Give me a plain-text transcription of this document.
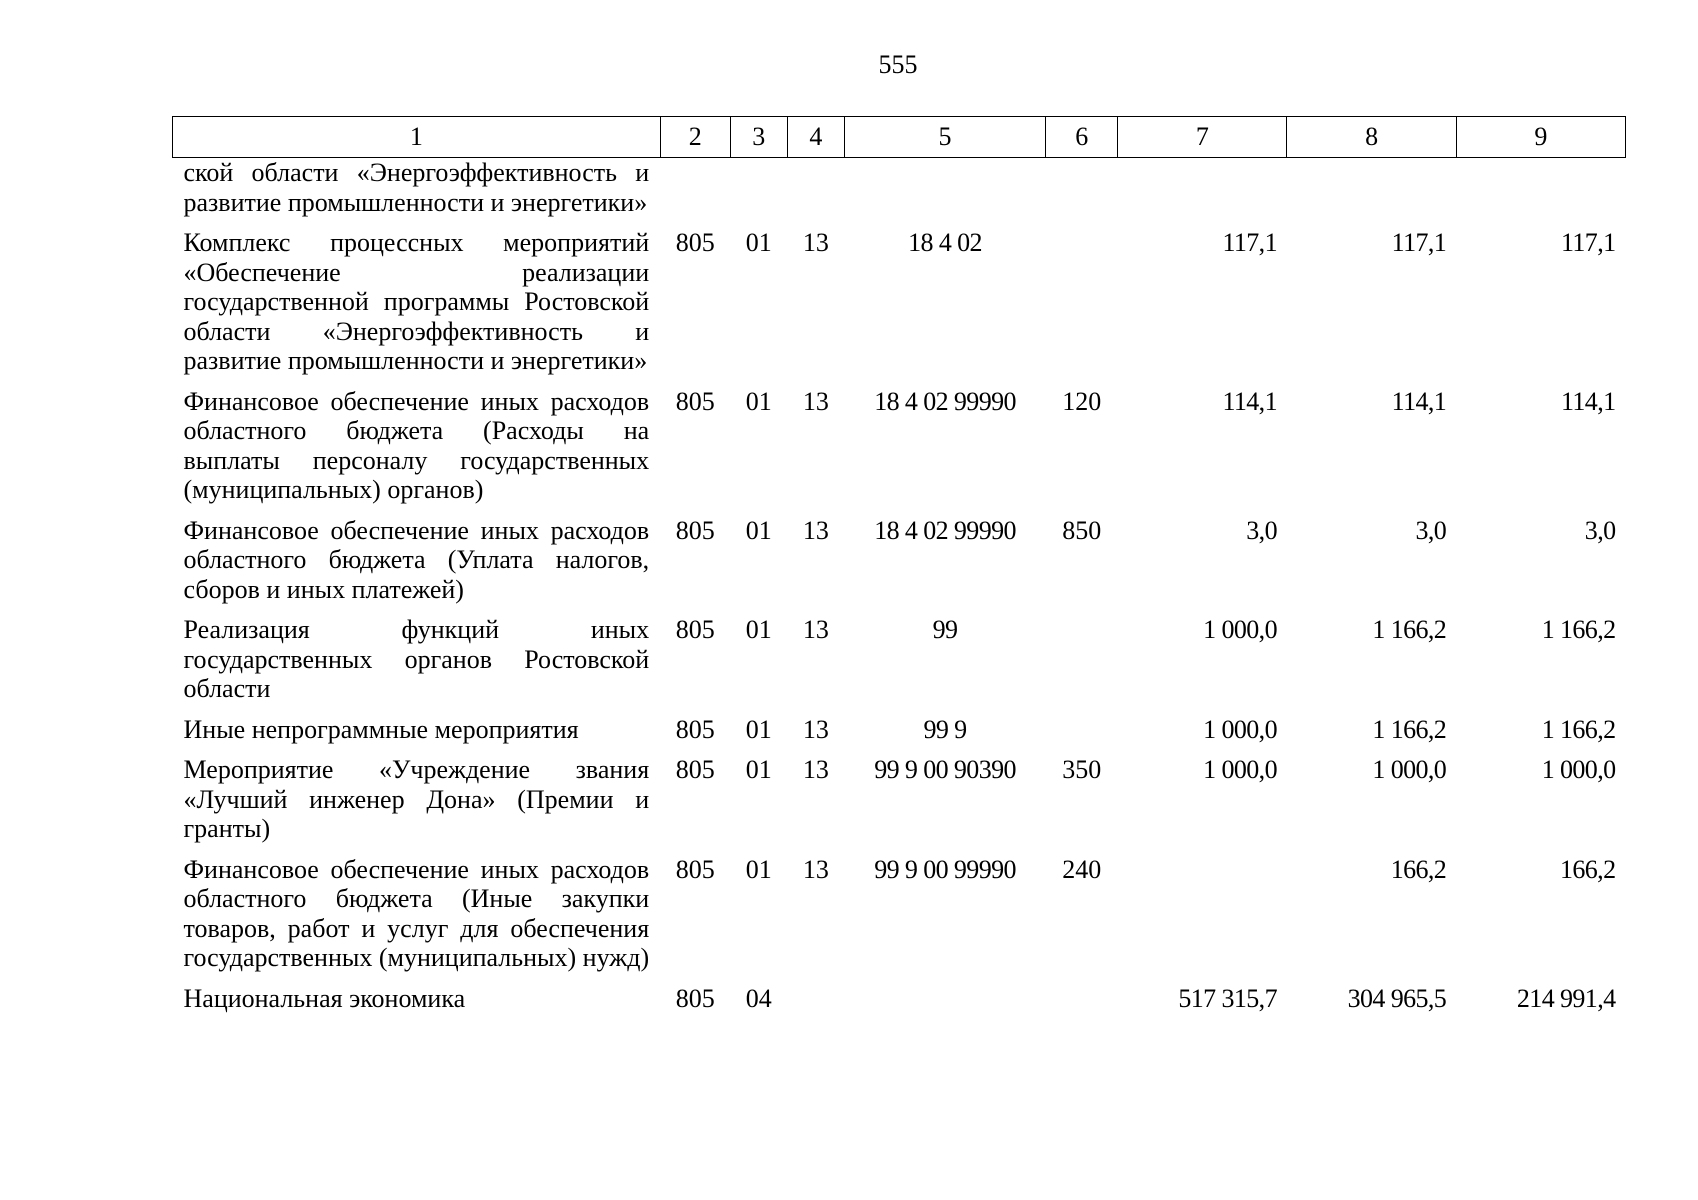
555
1	2	3	4	5	6	7	8	9
ской области «Энергоэффективность и развитие промышленности и энергетики»								
Комплекс процессных мероприятий «Обеспечение реализации государственной программы Ростовской области «Энергоэффективность и развитие промышленности и энергетики»	805	01	13	18 4 02		117,1	117,1	117,1
Финансовое обеспечение иных расходов областного бюджета (Расходы на выплаты персоналу государственных (муниципальных) органов)	805	01	13	18 4 02 99990	120	114,1	114,1	114,1
Финансовое обеспечение иных расходов областного бюджета (Уплата налогов, сборов и иных платежей)	805	01	13	18 4 02 99990	850	3,0	3,0	3,0
Реализация функций иных государственных органов Ростовской области	805	01	13	99		1 000,0	1 166,2	1 166,2
Иные непрограммные мероприятия	805	01	13	99 9		1 000,0	1 166,2	1 166,2
Мероприятие «Учреждение звания «Лучший инженер Дона» (Премии и гранты)	805	01	13	99 9 00 90390	350	1 000,0	1 000,0	1 000,0
Финансовое обеспечение иных расходов областного бюджета (Иные закупки товаров, работ и услуг для обеспечения государственных (муниципальных) нужд)	805	01	13	99 9 00 99990	240		166,2	166,2
Национальная экономика	805	04				517 315,7	304 965,5	214 991,4
